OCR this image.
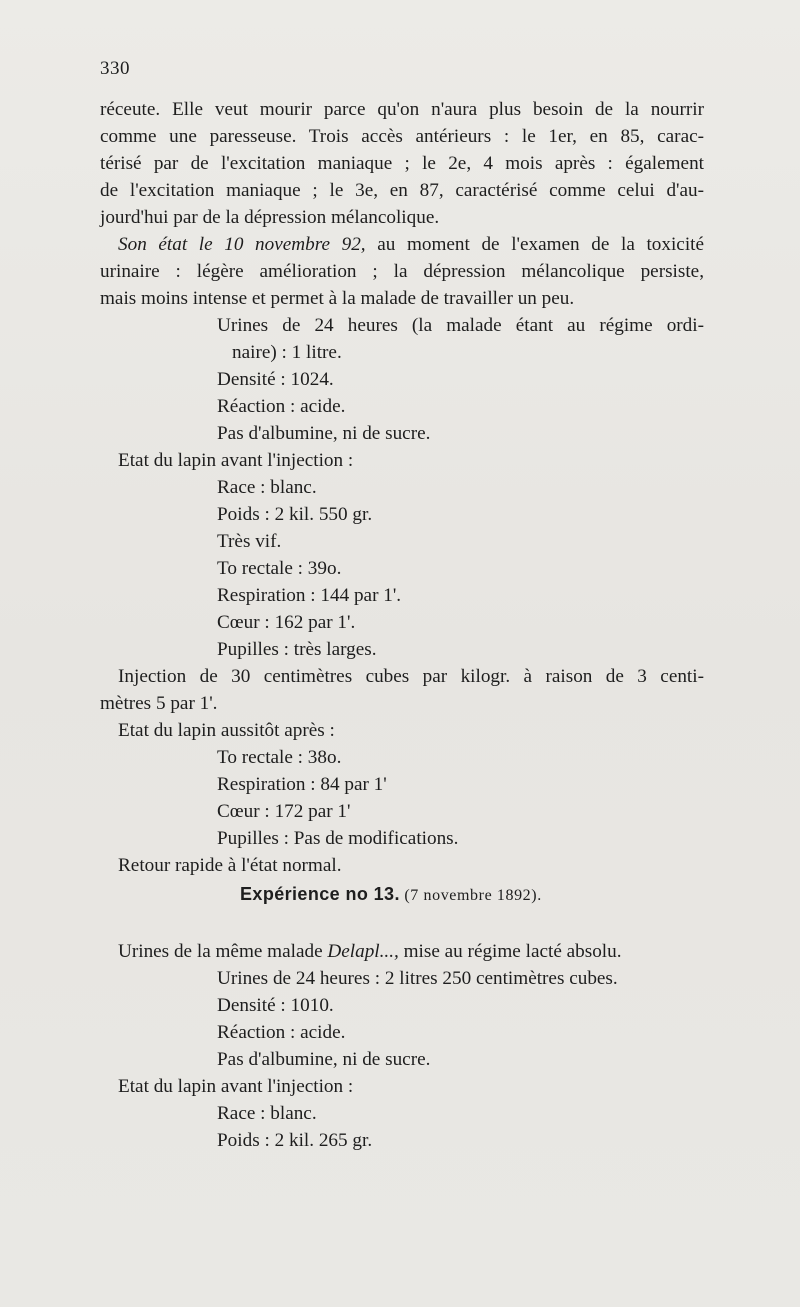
330
réceute. Elle veut mourir parce qu'on n'aura plus besoin de la nourrir
comme une paresseuse. Trois accès antérieurs : le 1er, en 85, carac-
térisé par de l'excitation maniaque ; le 2e, 4 mois après : également
de l'excitation maniaque ; le 3e, en 87, caractérisé comme celui d'au-
jourd'hui par de la dépression mélancolique.
Son état le 10 novembre 92, au moment de l'examen de la toxicité
urinaire : légère amélioration ; la dépression mélancolique persiste,
mais moins intense et permet à la malade de travailler un peu.
Urines de 24 heures (la malade étant au régime ordi-
naire) : 1 litre.
Densité : 1024.
Réaction : acide.
Pas d'albumine, ni de sucre.
Etat du lapin avant l'injection :
Race : blanc.
Poids : 2 kil. 550 gr.
Très vif.
To rectale : 39o.
Respiration : 144 par 1'.
Cœur : 162 par 1'.
Pupilles : très larges.
Injection de 30 centimètres cubes par kilogr. à raison de 3 centi-
mètres 5 par 1'.
Etat du lapin aussitôt après :
To rectale : 38o.
Respiration : 84 par 1'
Cœur : 172 par 1'
Pupilles : Pas de modifications.
Retour rapide à l'état normal.
Expérience no 13. (7 novembre 1892).
Urines de la même malade Delapl..., mise au régime lacté absolu.
Urines de 24 heures : 2 litres 250 centimètres cubes.
Densité : 1010.
Réaction : acide.
Pas d'albumine, ni de sucre.
Etat du lapin avant l'injection :
Race : blanc.
Poids : 2 kil. 265 gr.
